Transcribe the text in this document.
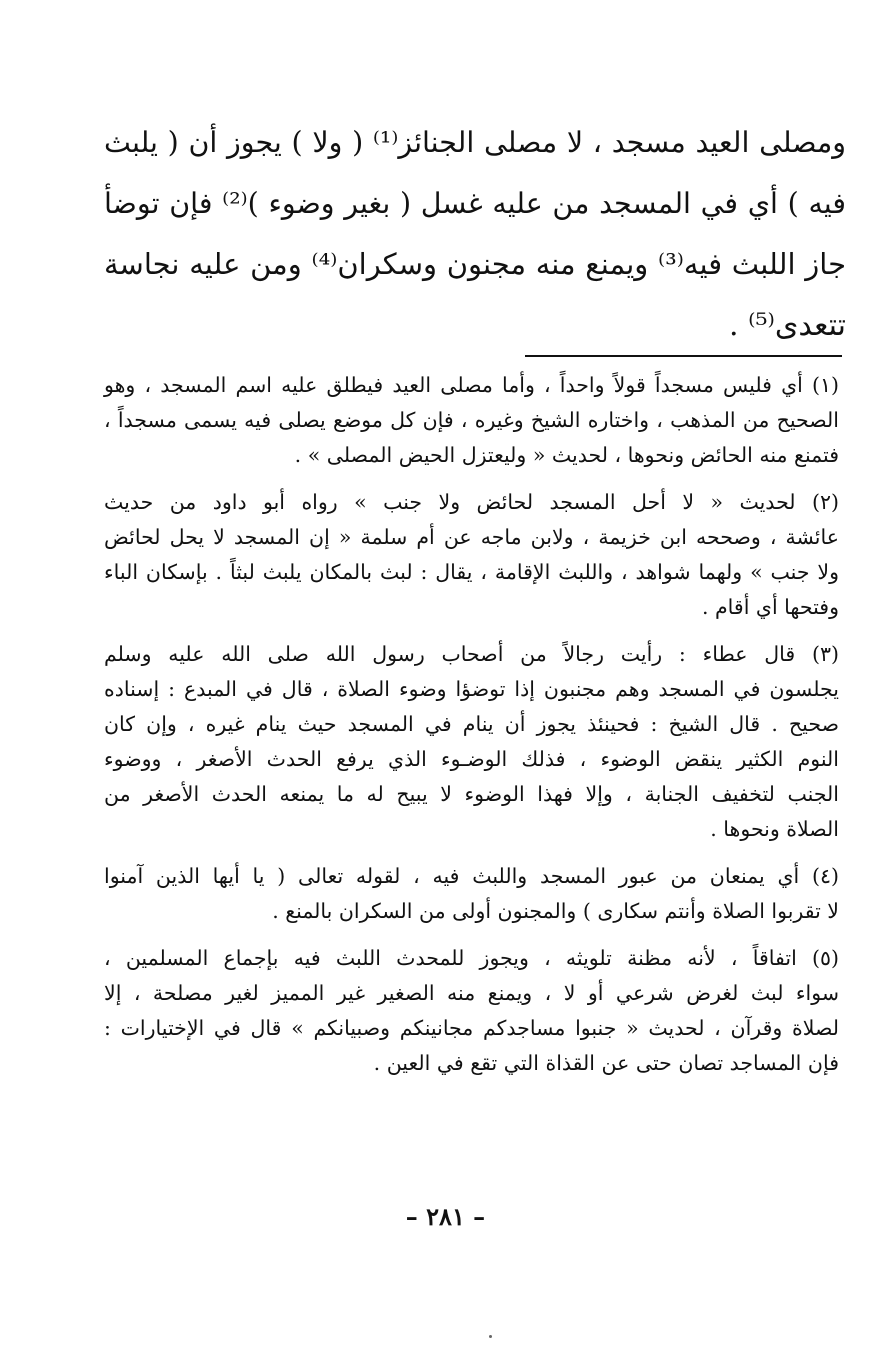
ومصلى العيد مسجد ، لا مصلى الجنائز⁽¹⁾ ( ولا ) يجوز أن ( يلبث
فيه ) أي في المسجد من عليه غسل ( بغير وضوء )⁽²⁾ فإن توضأ
جاز اللبث فيه⁽³⁾ ويمنع منه مجنون وسكران⁽⁴⁾ ومن عليه نجاسة
تتعدى⁽⁵⁾ .
(١) أي فليس مسجداً قولاً واحداً ، وأما مصلى العيد فيطلق عليه اسم المسجد ، وهو
الصحيح من المذهب ، واختاره الشيخ وغيره ، فإن كل موضع يصلى فيه يسمى مسجداً ،
فتمنع منه الحائض ونحوها ، لحديث « وليعتزل الحيض المصلى » .
(٢) لحديث « لا أحل المسجد لحائض ولا جنب » رواه أبو داود من حديث
عائشة ، وصححه ابن خزيمة ، ولابن ماجه عن أم سلمة « إن المسجد لا يحل لحائض
ولا جنب » ولهما شواهد ، واللبث الإقامة ، يقال : لبث بالمكان يلبث لبثاً . بإسكان الباء
وفتحها أي أقام .
(٣) قال عطاء : رأيت رجالاً من أصحاب رسول الله صلى الله عليه وسلم
يجلسون في المسجد وهم مجنبون إذا توضؤا وضوء الصلاة ، قال في المبدع : إسناده
صحيح . قال الشيخ : فحينئذ يجوز أن ينام في المسجد حيث ينام غيره ، وإن كان
النوم الكثير ينقض الوضوء ، فذلك الوضـوء الذي يرفع الحدث الأصغر ، ووضوء
الجنب لتخفيف الجنابة ، وإلا فهذا الوضوء لا يبيح له ما يمنعه الحدث الأصغر من
الصلاة ونحوها .
(٤) أي يمنعان من عبور المسجد واللبث فيه ، لقوله تعالى ( يا أيها الذين آمنوا
لا تقربوا الصلاة وأنتم سكارى ) والمجنون أولى من السكران بالمنع .
(٥) اتفاقاً ، لأنه مظنة تلويثه ، ويجوز للمحدث اللبث فيه بإجماع المسلمين ،
سواء لبث لغرض شرعي أو لا ، ويمنع منه الصغير غير المميز لغير مصلحة ، إلا
لصلاة وقرآن ، لحديث « جنبوا مساجدكم مجانينكم وصبيانكم » قال في الإختيارات :
فإن المساجد تصان حتى عن القذاة التي تقع في العين .
– ٢٨١ –
